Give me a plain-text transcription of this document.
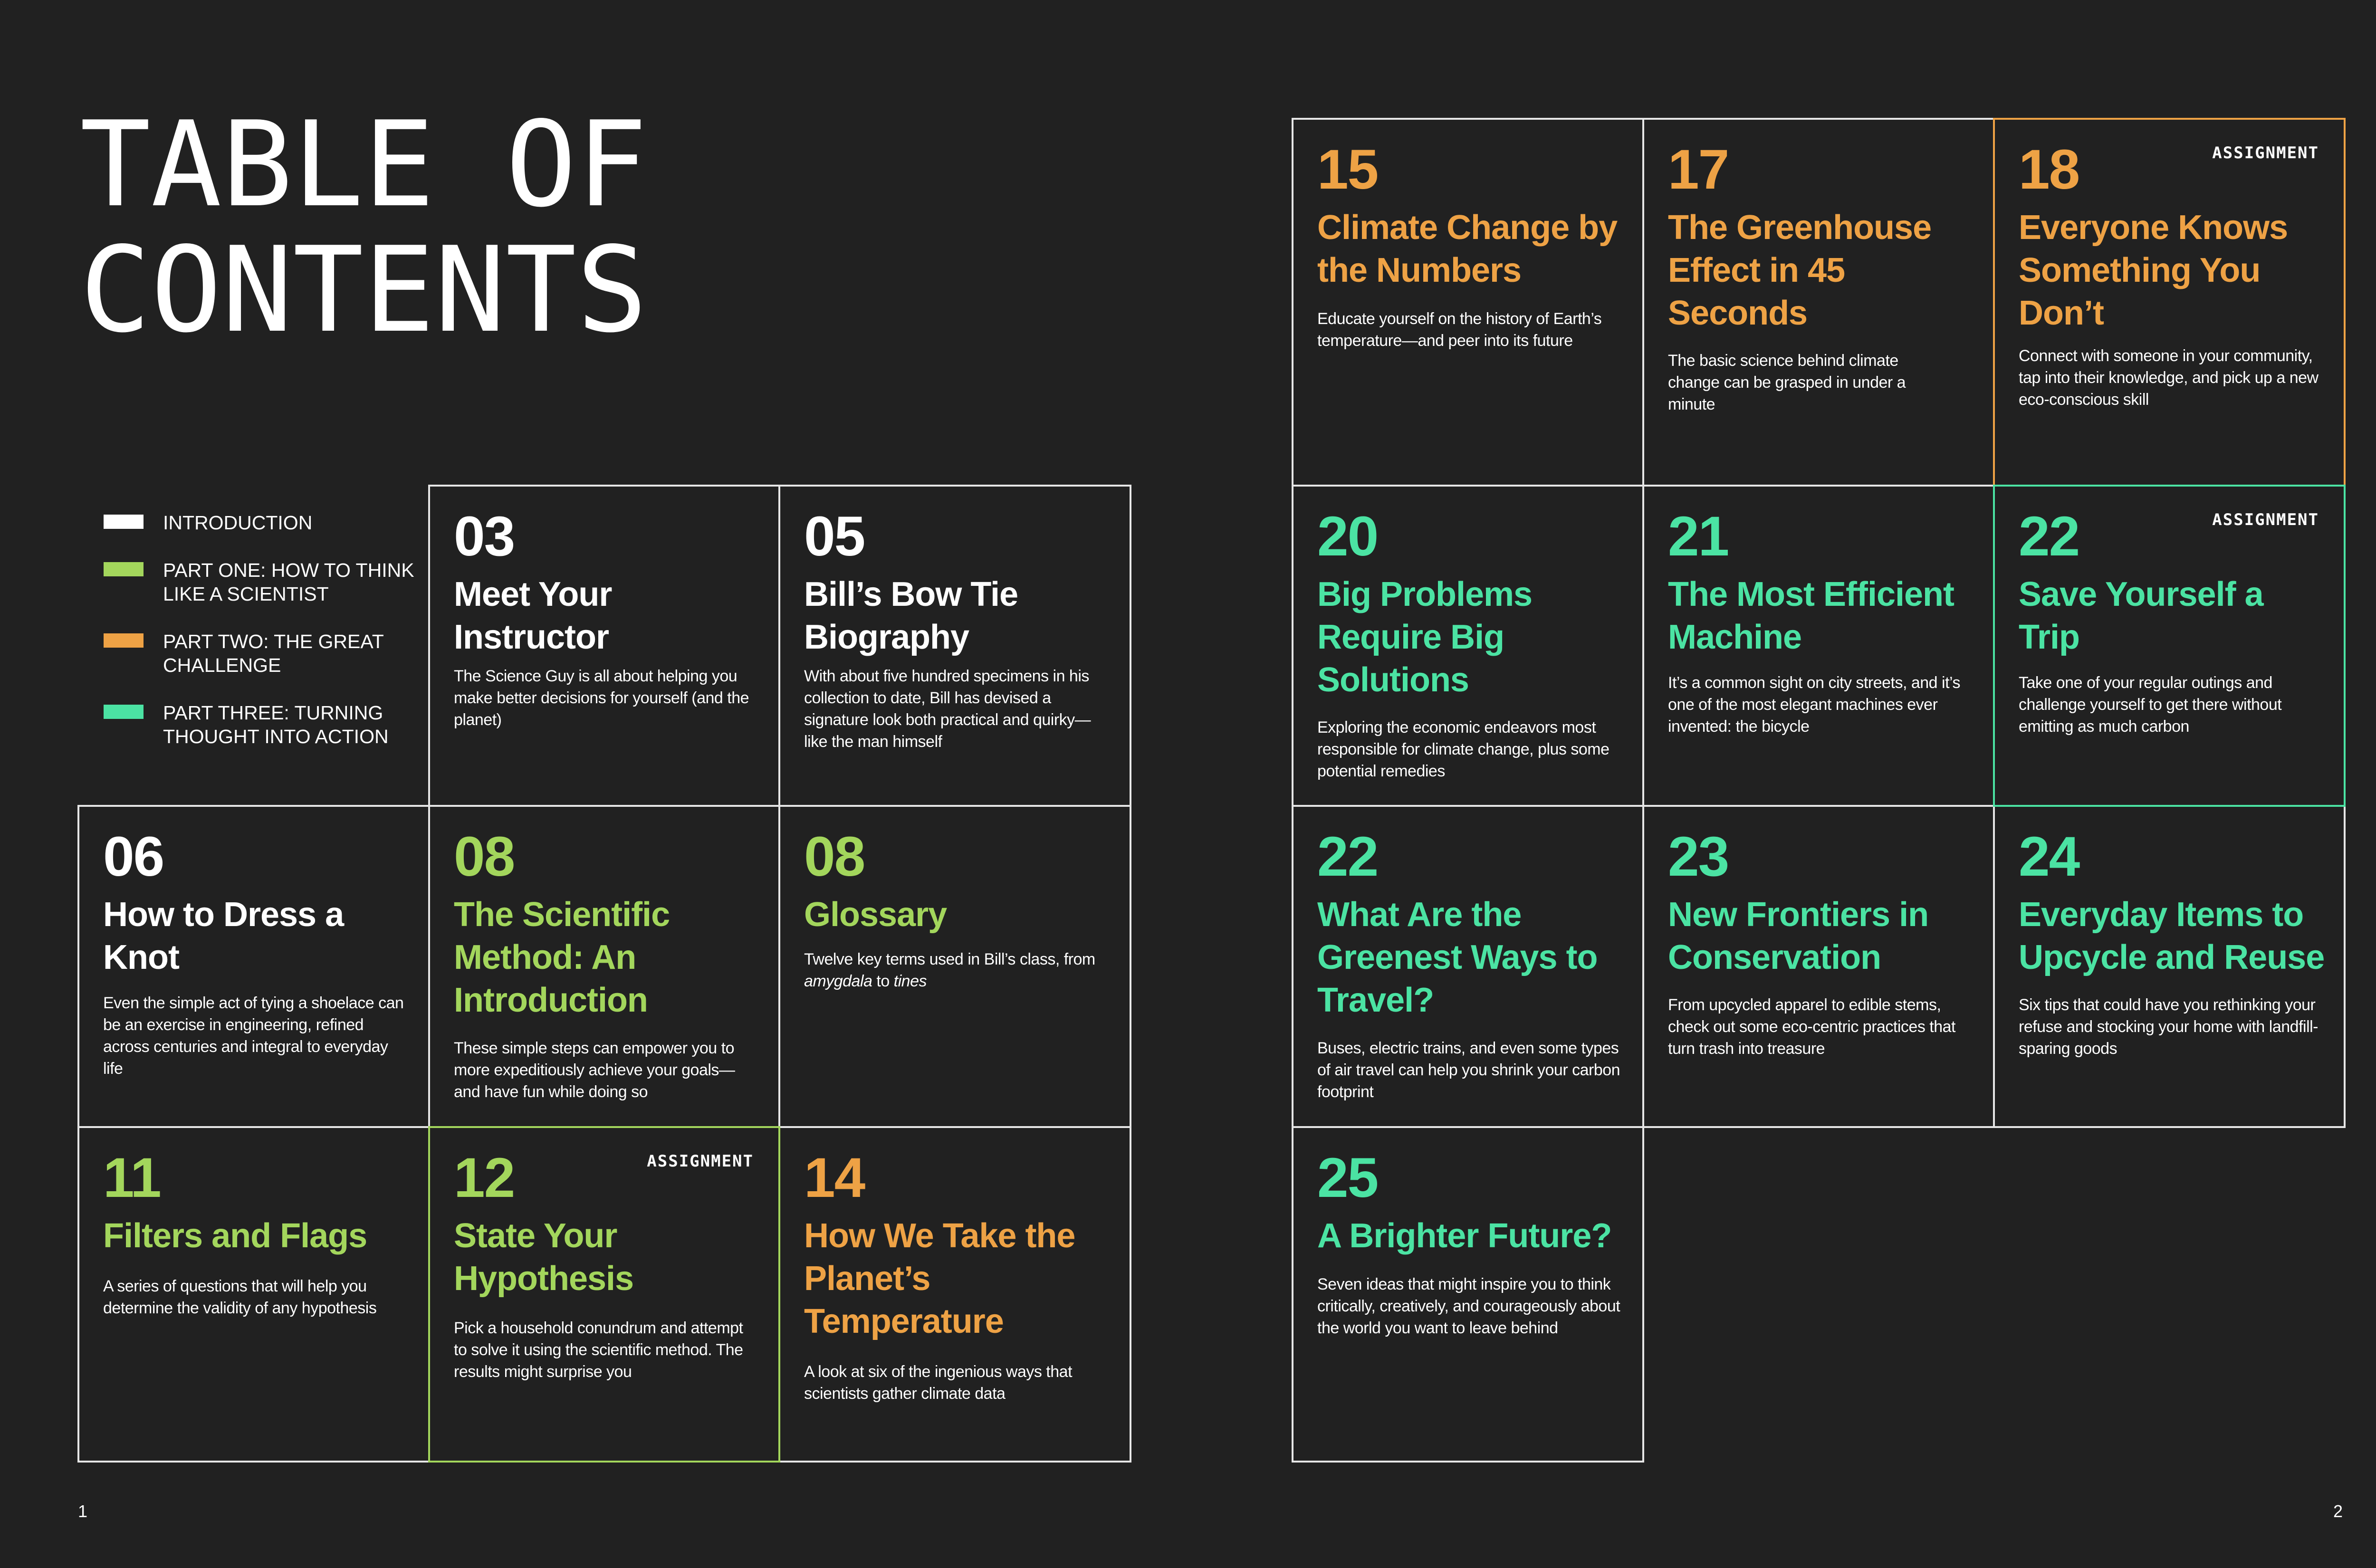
TABLE OF
CONTENTS
INTRODUCTION
PART ONE: HOW TO THINK LIKE A SCIENTIST
PART TWO: THE GREAT CHALLENGE
PART THREE: TURNING THOUGHT INTO ACTION
03
Meet Your Instructor
The Science Guy is all about helping you make better decisions for yourself (and the planet)
05
Bill’s Bow Tie Biography
With about five hundred specimens in his collection to date, Bill has devised a signature look both practical and quirky—like the man himself
06
How to Dress a Knot
Even the simple act of tying a shoelace can be an exercise in engineering, refined across centuries and integral to everyday life
08
The Scientific Method: An Introduction
These simple steps can empower you to more expeditiously achieve your goals—and have fun while doing so
08
Glossary
Twelve key terms used in Bill’s class, from amygdala to tines
11
Filters and Flags
A series of questions that will help you determine the validity of any hypothesis
ASSIGNMENT
12
State Your Hypothesis
Pick a household conundrum and attempt to solve it using the scientific method. The results might surprise you
14
How We Take the Planet’s Temperature
A look at six of the ingenious ways that scientists gather climate data
15
Climate Change by the Numbers
Educate yourself on the history of Earth’s temperature—and peer into its future
17
The Greenhouse Effect in 45 Seconds
The basic science behind climate change can be grasped in under a minute
ASSIGNMENT
18
Everyone Knows Something You Don’t
Connect with someone in your community, tap into their knowledge, and pick up a new eco-conscious skill
20
Big Problems Require Big Solutions
Exploring the economic endeavors most responsible for climate change, plus some potential remedies
21
The Most Efficient Machine
It’s a common sight on city streets, and it’s one of the most elegant machines ever invented: the bicycle
ASSIGNMENT
22
Save Yourself a Trip
Take one of your regular outings and challenge yourself to get there without emitting as much carbon
22
What Are the Greenest Ways to Travel?
Buses, electric trains, and even some types of air travel can help you shrink your carbon footprint
23
New Frontiers in Conservation
From upcycled apparel to edible stems, check out some eco-centric practices that turn trash into treasure
24
Everyday Items to Upcycle and Reuse
Six tips that could have you rethinking your refuse and stocking your home with landfill-sparing goods
25
A Brighter Future?
Seven ideas that might inspire you to think critically, creatively, and courageously about the world you want to leave behind
1	2
